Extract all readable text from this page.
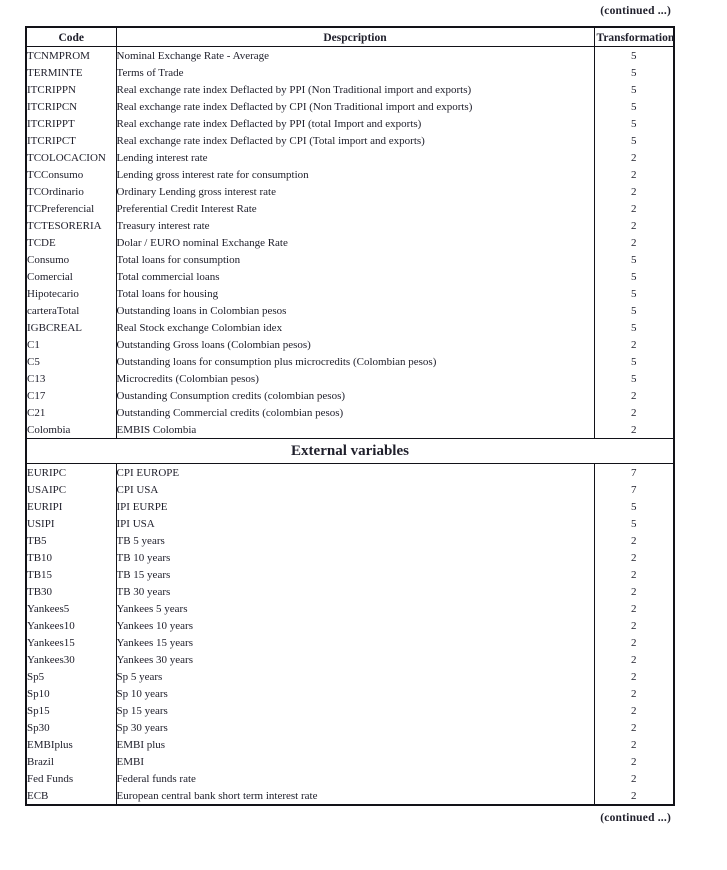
(continued ...)
Code	Despcription	Transformation
TCNMPROM	Nominal Exchange Rate - Average	5
TERMINTE	Terms of Trade	5
ITCRIPPN	Real exchange rate index Deflacted by PPI (Non Traditional import and exports)	5
ITCRIPCN	Real exchange rate index Deflacted by CPI (Non Traditional import and exports)	5
ITCRIPPT	Real exchange rate index Deflacted by PPI (total Import and exports)	5
ITCRIPCT	Real exchange rate index Deflacted by CPI (Total import and exports)	5
TCOLOCACION	Lending interest rate	2
TCConsumo	Lending gross interest rate for consumption	2
TCOrdinario	Ordinary Lending gross interest rate	2
TCPreferencial	Preferential Credit Interest Rate	2
TCTESORERIA	Treasury interest rate	2
TCDE	Dolar / EURO nominal Exchange Rate	2
Consumo	Total loans for consumption	5
Comercial	Total commercial loans	5
Hipotecario	Total loans for housing	5
carteraTotal	Outstanding loans in Colombian pesos	5
IGBCREAL	Real Stock exchange Colombian idex	5
C1	Outstanding Gross loans (Colombian pesos)	2
C5	Outstanding loans for consumption plus microcredits (Colombian pesos)	5
C13	Microcredits (Colombian pesos)	5
C17	Oustanding Consumption credits (colombian pesos)	2
C21	Outstanding Commercial credits (colombian pesos)	2
Colombia	EMBIS Colombia	2
External variables		
EURIPC	CPI EUROPE	7
USAIPC	CPI USA	7
EURIPI	IPI EURPE	5
USIPI	IPI USA	5
TB5	TB 5 years	2
TB10	TB 10 years	2
TB15	TB 15 years	2
TB30	TB 30 years	2
Yankees5	Yankees 5 years	2
Yankees10	Yankees 10 years	2
Yankees15	Yankees 15 years	2
Yankees30	Yankees 30 years	2
Sp5	Sp 5 years	2
Sp10	Sp 10 years	2
Sp15	Sp 15 years	2
Sp30	Sp 30 years	2
EMBIplus	EMBI plus	2
Brazil	EMBI	2
Fed Funds	Federal funds rate	2
ECB	European central bank short term interest rate	2
(continued ...)
